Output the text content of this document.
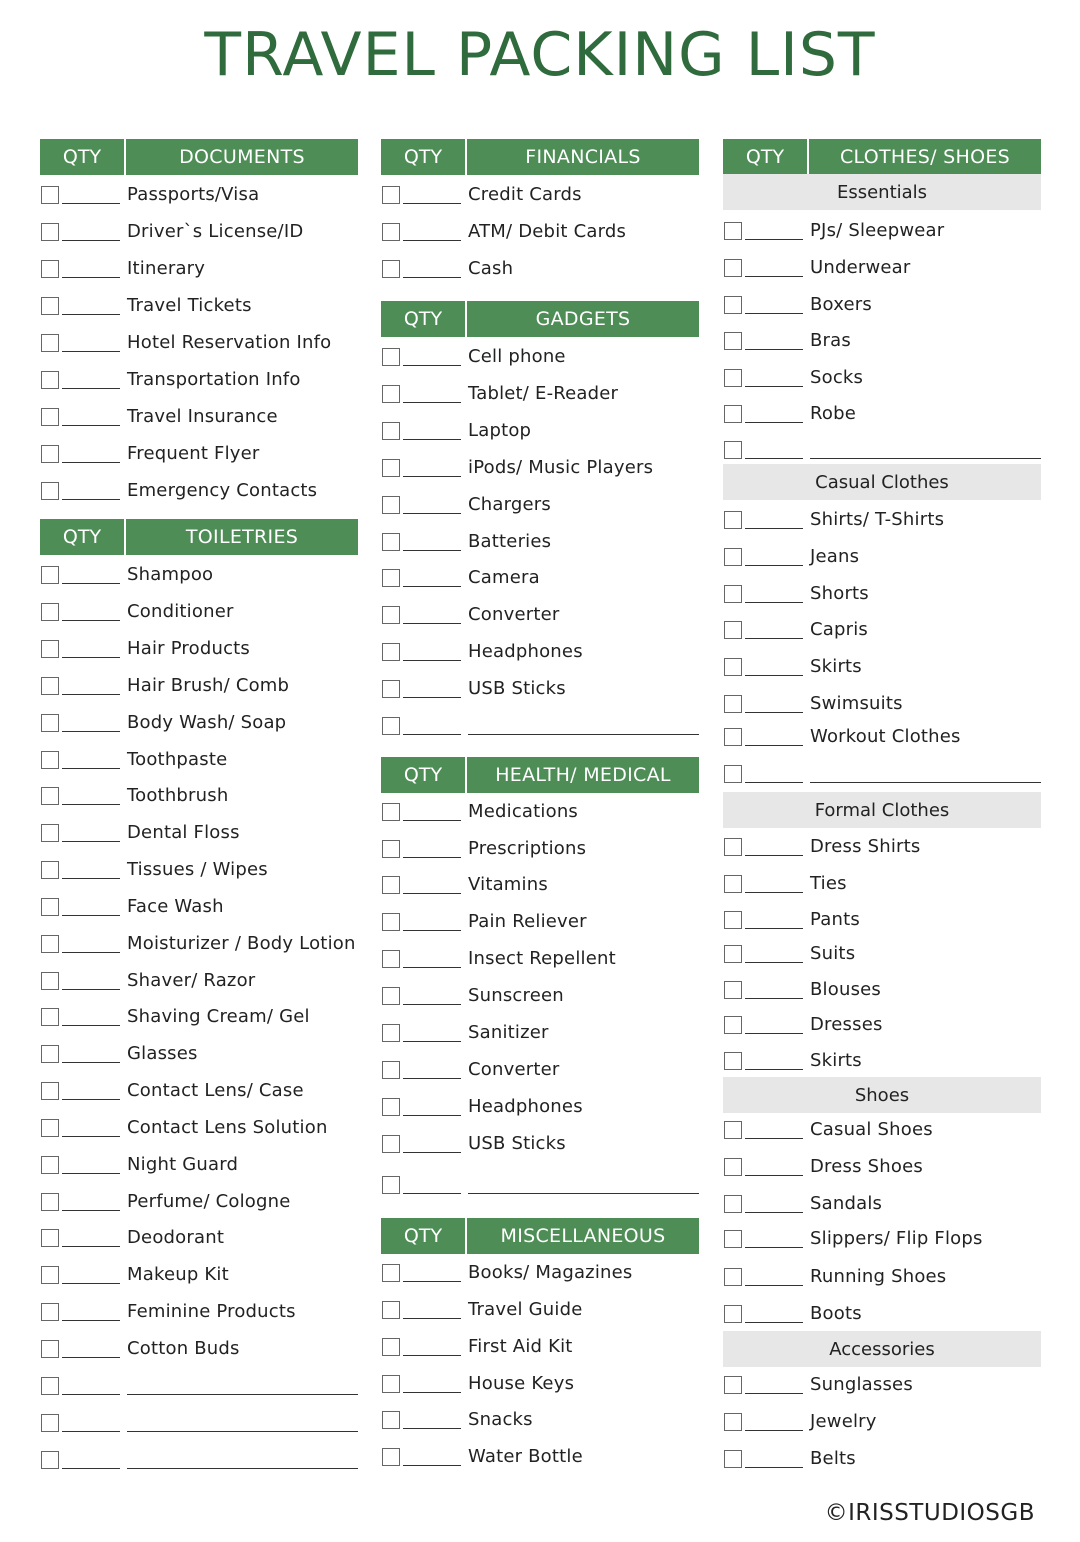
TRAVEL PACKING LIST
QTY	DOCUMENTS
Passports/Visa
Driver`s License/ID
Itinerary
Travel Tickets
Hotel Reservation Info
Transportation Info
Travel Insurance
Frequent Flyer
Emergency Contacts
QTY	TOILETRIES
Shampoo
Conditioner
Hair Products
Hair Brush/ Comb
Body Wash/ Soap
Toothpaste
Toothbrush
Dental Floss
Tissues / Wipes
Face Wash
Moisturizer / Body Lotion
Shaver/ Razor
Shaving Cream/ Gel
Glasses
Contact Lens/ Case
Contact Lens Solution
Night Guard
Perfume/ Cologne
Deodorant
Makeup Kit
Feminine Products
Cotton Buds
QTY	FINANCIALS
Credit Cards
ATM/ Debit Cards
Cash
QTY	GADGETS
Cell phone
Tablet/ E-Reader
Laptop
iPods/ Music Players
Chargers
Batteries
Camera
Converter
Headphones
USB Sticks
QTY	HEALTH/ MEDICAL
Medications
Prescriptions
Vitamins
Pain Reliever
Insect Repellent
Sunscreen
Sanitizer
Converter
Headphones
USB Sticks
QTY	MISCELLANEOUS
Books/ Magazines
Travel Guide
First Aid Kit
House Keys
Snacks
Water Bottle
QTY	CLOTHES/ SHOES
Essentials
PJs/ Sleepwear
Underwear
Boxers
Bras
Socks
Robe
Casual Clothes
Shirts/ T-Shirts
Jeans
Shorts
Capris
Skirts
Swimsuits
Workout Clothes
Formal Clothes
Dress Shirts
Ties
Pants
Suits
Blouses
Dresses
Skirts
Shoes
Casual Shoes
Dress Shoes
Sandals
Slippers/ Flip Flops
Running Shoes
Boots
Accessories
Sunglasses
Jewelry
Belts
©IRISSTUDIOSGB
